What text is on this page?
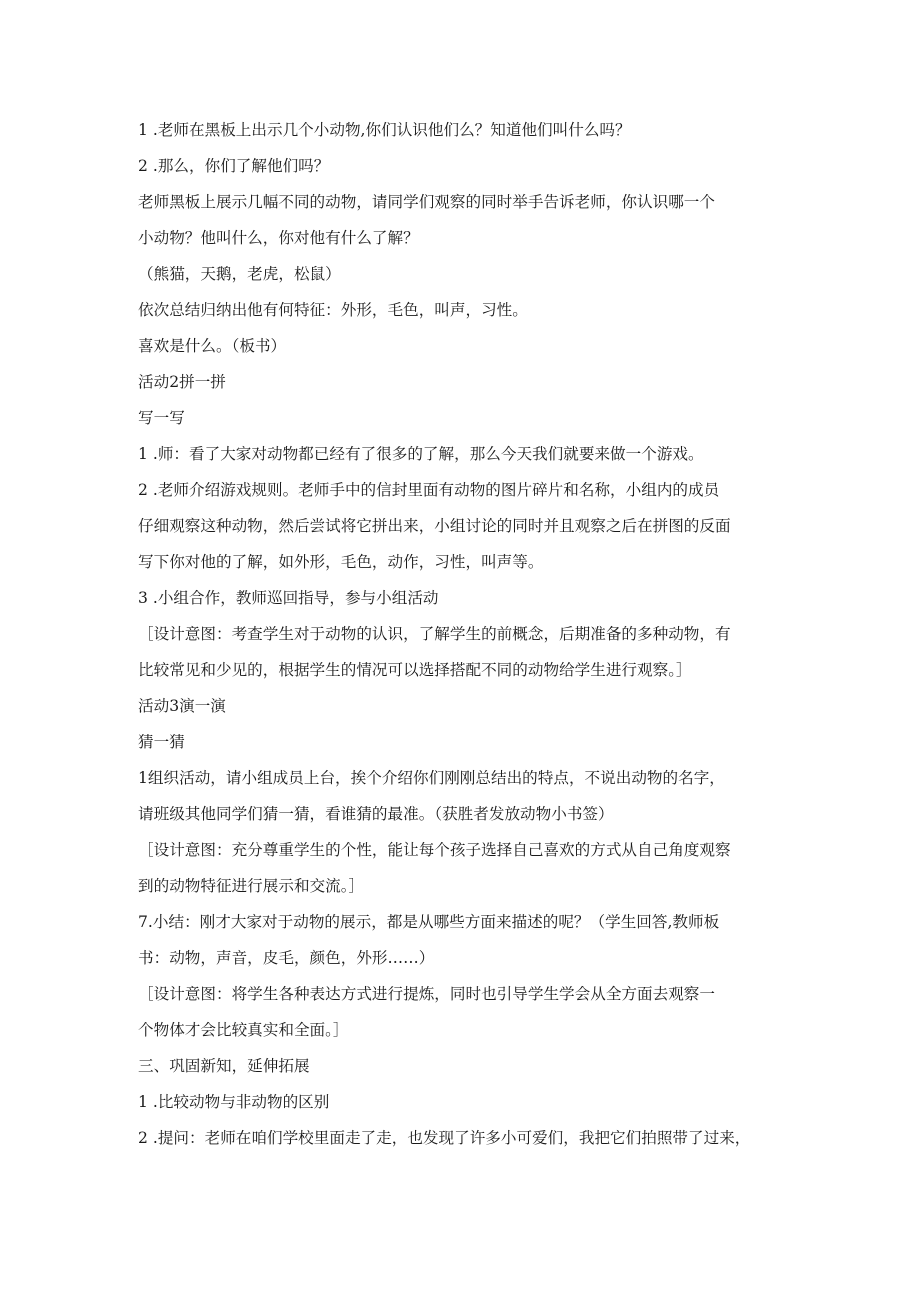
1 .老师在黑板上出示几个小动物,你们认识他们么？知道他们叫什么吗？
2 .那么，你们了解他们吗？
老师黑板上展示几幅不同的动物，请同学们观察的同时举手告诉老师，你认识哪一个
小动物？他叫什么，你对他有什么了解？
（熊猫，天鹅，老虎，松鼠）
依次总结归纳出他有何特征：外形，毛色，叫声，习性。
喜欢是什么。（板书）
活动2拼一拼
写一写
1 .师：看了大家对动物都已经有了很多的了解，那么今天我们就要来做一个游戏。
2 .老师介绍游戏规则。老师手中的信封里面有动物的图片碎片和名称，小组内的成员
仔细观察这种动物，然后尝试将它拼出来，小组讨论的同时并且观察之后在拼图的反面
写下你对他的了解，如外形，毛色，动作，习性，叫声等。
3 .小组合作，教师巡回指导，参与小组活动
［设计意图：考查学生对于动物的认识，了解学生的前概念，后期准备的多种动物，有
比较常见和少见的，根据学生的情况可以选择搭配不同的动物给学生进行观察。］
活动3演一演
猜一猜
1组织活动，请小组成员上台，挨个介绍你们刚刚总结出的特点，不说出动物的名字，
请班级其他同学们猜一猜，看谁猜的最准。（获胜者发放动物小书签）
［设计意图：充分尊重学生的个性，能让每个孩子选择自己喜欢的方式从自己角度观察
到的动物特征进行展示和交流。］
7.小结：刚才大家对于动物的展示，都是从哪些方面来描述的呢？（学生回答,教师板
书：动物，声音，皮毛，颜色，外形……）
［设计意图：将学生各种表达方式进行提炼，同时也引导学生学会从全方面去观察一
个物体才会比较真实和全面。］
三、巩固新知，延伸拓展
1 .比较动物与非动物的区别
2 .提问：老师在咱们学校里面走了走，也发现了许多小可爱们，我把它们拍照带了过来，
